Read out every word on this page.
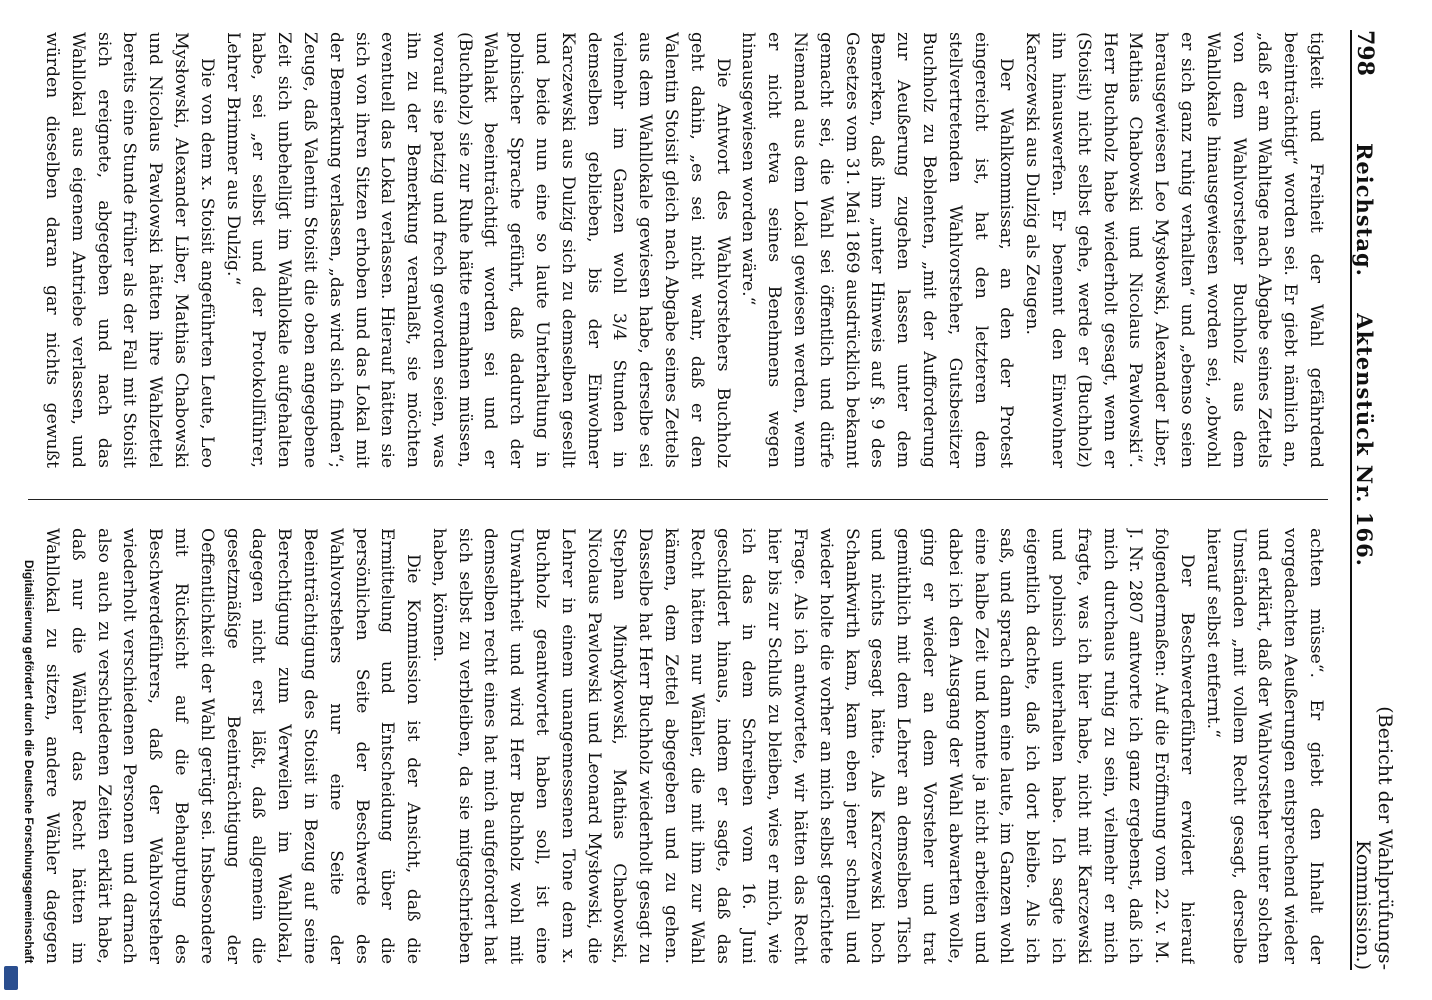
798
Reichstag. Aktenstück Nr. 166.
(Bericht der Wahlprüfungs-Kommission.)

tigkeit und Freiheit der Wahl gefährdend beeinträchtigt“ worden sei. Er giebt nämlich an, „daß er am Wahltage nach Abgabe seines Zettels von dem Wahlvorsteher Buchholz aus dem Wahllokale hinausgewiesen worden sei, „obwohl er sich ganz ruhig verhalten“ und „ebenso seien herausgewiesen Leo Mysłowski, Alexander Liber, Mathias Chabowski und Nicolaus Pawlowski“. Herr Buchholz habe wiederholt gesagt, wenn er (Stoisit) nicht selbst gehe, werde er (Buchholz) ihn hinauswerfen. Er benennt den Einwohner Karczewski aus Dulzig als Zeugen.

Der Wahlkommissar, an den der Protest eingereicht ist, hat den letzteren dem stellvertretenden Wahlvorsteher, Gutsbesitzer Buchholz zu Beblenten, „mit der Aufforderung zur Aeußerung zugehen lassen unter dem Bemerken, daß ihm „unter Hinweis auf §. 9 des Gesetzes vom 31. Mai 1869 ausdrücklich bekannt gemacht sei, die Wahl sei öffentlich und dürfe Niemand aus dem Lokal gewiesen werden, wenn er nicht etwa seines Benehmens wegen hinausgewiesen worden wäre.“

Die Antwort des Wahlvorstehers Buchholz geht dahin, „es sei nicht wahr, daß er den Valentin Stoisit gleich nach Abgabe seines Zettels aus dem Wahllokale gewiesen habe, derselbe sei vielmehr im Ganzen wohl 3/4 Stunden in demselben geblieben, bis der Einwohner Karczewski aus Dulzig sich zu demselben gesellt und beide nun eine so laute Unterhaltung in polnischer Sprache geführt, daß dadurch der Wahlakt beeinträchtigt worden sei und er (Buchholz) sie zur Ruhe hätte ermahnen müssen, worauf sie patzig und frech geworden seien, was ihn zu der Bemerkung veranlaßt, sie möchten eventuell das Lokal verlassen. Hierauf hätten sie sich von ihren Sitzen erhoben und das Lokal mit der Bemerkung verlassen, „das wird sich finden“; Zeuge, daß Valentin Stoisit die oben angegebene Zeit sich unbehelligt im Wahllokale aufgehalten habe, sei „er selbst und der Protokollführer, Lehrer Brimmer aus Dulzig.“

Die von dem x. Stoisit angeführten Leute, Leo Mysłowski, Alexander Liber, Mathias Chabowski und Nicolaus Pawlowski hätten ihre Wahlzettel bereits eine Stunde früher als der Fall mit Stoisit sich ereignete, abgegeben und nach das Wahllokal aus eigenem Antriebe verlassen, und würden dieselben daran gar nichts gewußt

achten müsse“. Er giebt den Inhalt der vorgedachten Aeußerungen entsprechend wieder und erklärt, daß der Wahlvorsteher unter solchen Umständen „mit vollem Recht gesagt, derselbe hierauf selbst entfernt.“

Der Beschwerdeführer erwidert hierauf folgendermaßen: Auf die Eröffnung vom 22. v. M. J. Nr. 2807 antworte ich ganz ergebenst, daß ich mich durchaus ruhig zu sein, vielmehr er mich fragte, was ich hier habe, nicht mit Karczewski und polnisch unterhalten habe. Ich sagte ich eigentlich dachte, daß ich dort bleibe. Als ich saß, und sprach dann eine laute, im Ganzen wohl eine halbe Zeit und konnte ja nicht arbeiten und dabei ich den Ausgang der Wahl abwarten wolle, ging er wieder an dem Vorsteher und trat gemüthlich mit dem Lehrer an demselben Tisch und nichts gesagt hätte. Als Karczewski hoch Schankwirth kam, kam eben jener schnell und wieder holte die vorher an mich selbst gerichtete Frage. Als ich antwortete, wir hätten das Recht hier bis zur Schluß zu bleiben, wies er mich, wie ich das in dem Schreiben vom 16. Juni geschildert hinaus, indem er sagte, daß das Recht hätten nur Wähler, die mit ihm zur Wahl kämen, dem Zettel abgegeben und zu gehen. Dasselbe hat Herr Buchholz wiederholt gesagt zu Stephan Mindykowski, Mathias Chabowski, Nicolaus Pawlowski und Leonard Mysłowski, die Lehrer in einem unangemessenen Tone dem x. Buchholz geantwortet haben soll, ist eine Unwahrheit und wird Herr Buchholz wohl mit demselben recht eines hat mich aufgefordert hat sich selbst zu verbleiben, da sie mitgeschrieben haben, können.

Die Kommission ist der Ansicht, daß die Ermittelung und Entscheidung über die persönlichen Seite der Beschwerde des Wahlvorstehers nur eine Seite der Beeinträchtigung des Stoisit in Bezug auf seine Berechtigung zum Verweilen im Wahllokal, dagegen nicht erst läßt, daß allgemein die gesetzmäßige Beeinträchtigung der Oeffentlichkeit der Wahl gerügt sei. Insbesondere mit Rücksicht auf die Behauptung des Beschwerdeführers, daß der Wahlvorsteher wiederholt verschiedenen Personen und darnach also auch zu verschiedenen Zeiten erklärt habe, daß nur die Wähler das Recht hätten im Wahllokal zu sitzen, andere Wähler dagegen

Digitalisierung gefördert durch die Deutsche Forschungsgemeinschaft
